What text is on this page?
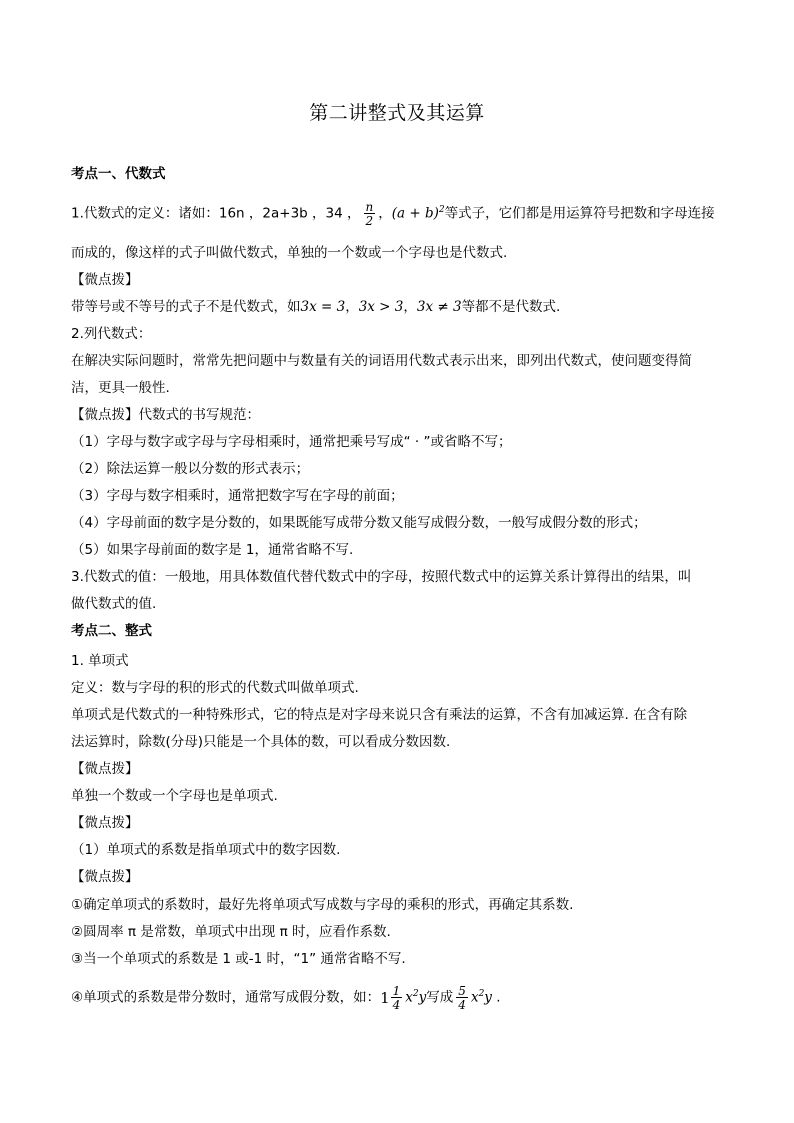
第二讲整式及其运算
考点一、代数式
1.代数式的定义：诸如：16n ，2a+3b ，34 ， $\frac{n}{2}$ ，$(a + b)^2$等式子，它们都是用运算符号把数和字母连接
而成的，像这样的式子叫做代数式，单独的一个数或一个字母也是代数式.
【微点拨】
带等号或不等号的式子不是代数式，如3x = 3，3x > 3，3x ≠ 3等都不是代数式.
2.列代数式：
在解决实际问题时，常常先把问题中与数量有关的词语用代数式表示出来，即列出代数式，使问题变得简
洁，更具一般性.
【微点拨】代数式的书写规范：
（1）字母与数字或字母与字母相乘时，通常把乘号写成“ · ”或省略不写；
（2）除法运算一般以分数的形式表示；
（3）字母与数字相乘时，通常把数字写在字母的前面；
（4）字母前面的数字是分数的，如果既能写成带分数又能写成假分数，一般写成假分数的形式；
（5）如果字母前面的数字是 1，通常省略不写.
3.代数式的值：一般地，用具体数值代替代数式中的字母，按照代数式中的运算关系计算得出的结果，叫
做代数式的值.
考点二、整式
1. 单项式
定义：数与字母的积的形式的代数式叫做单项式.
单项式是代数式的一种特殊形式，它的特点是对字母来说只含有乘法的运算，不含有加减运算. 在含有除
法运算时，除数(分母)只能是一个具体的数，可以看成分数因数.
【微点拨】
单独一个数或一个字母也是单项式.
【微点拨】
（1）单项式的系数是指单项式中的数字因数.
【微点拨】
①确定单项式的系数时，最好先将单项式写成数与字母的乘积的形式，再确定其系数.
②圆周率 π 是常数，单项式中出现 π 时，应看作系数.
③当一个单项式的系数是 1 或-1 时，“1” 通常省略不写.
④单项式的系数是带分数时，通常写成假分数，如：$1 \frac{1}{4} x^2y$写成 $\frac{5}{4} x^2y$ .
